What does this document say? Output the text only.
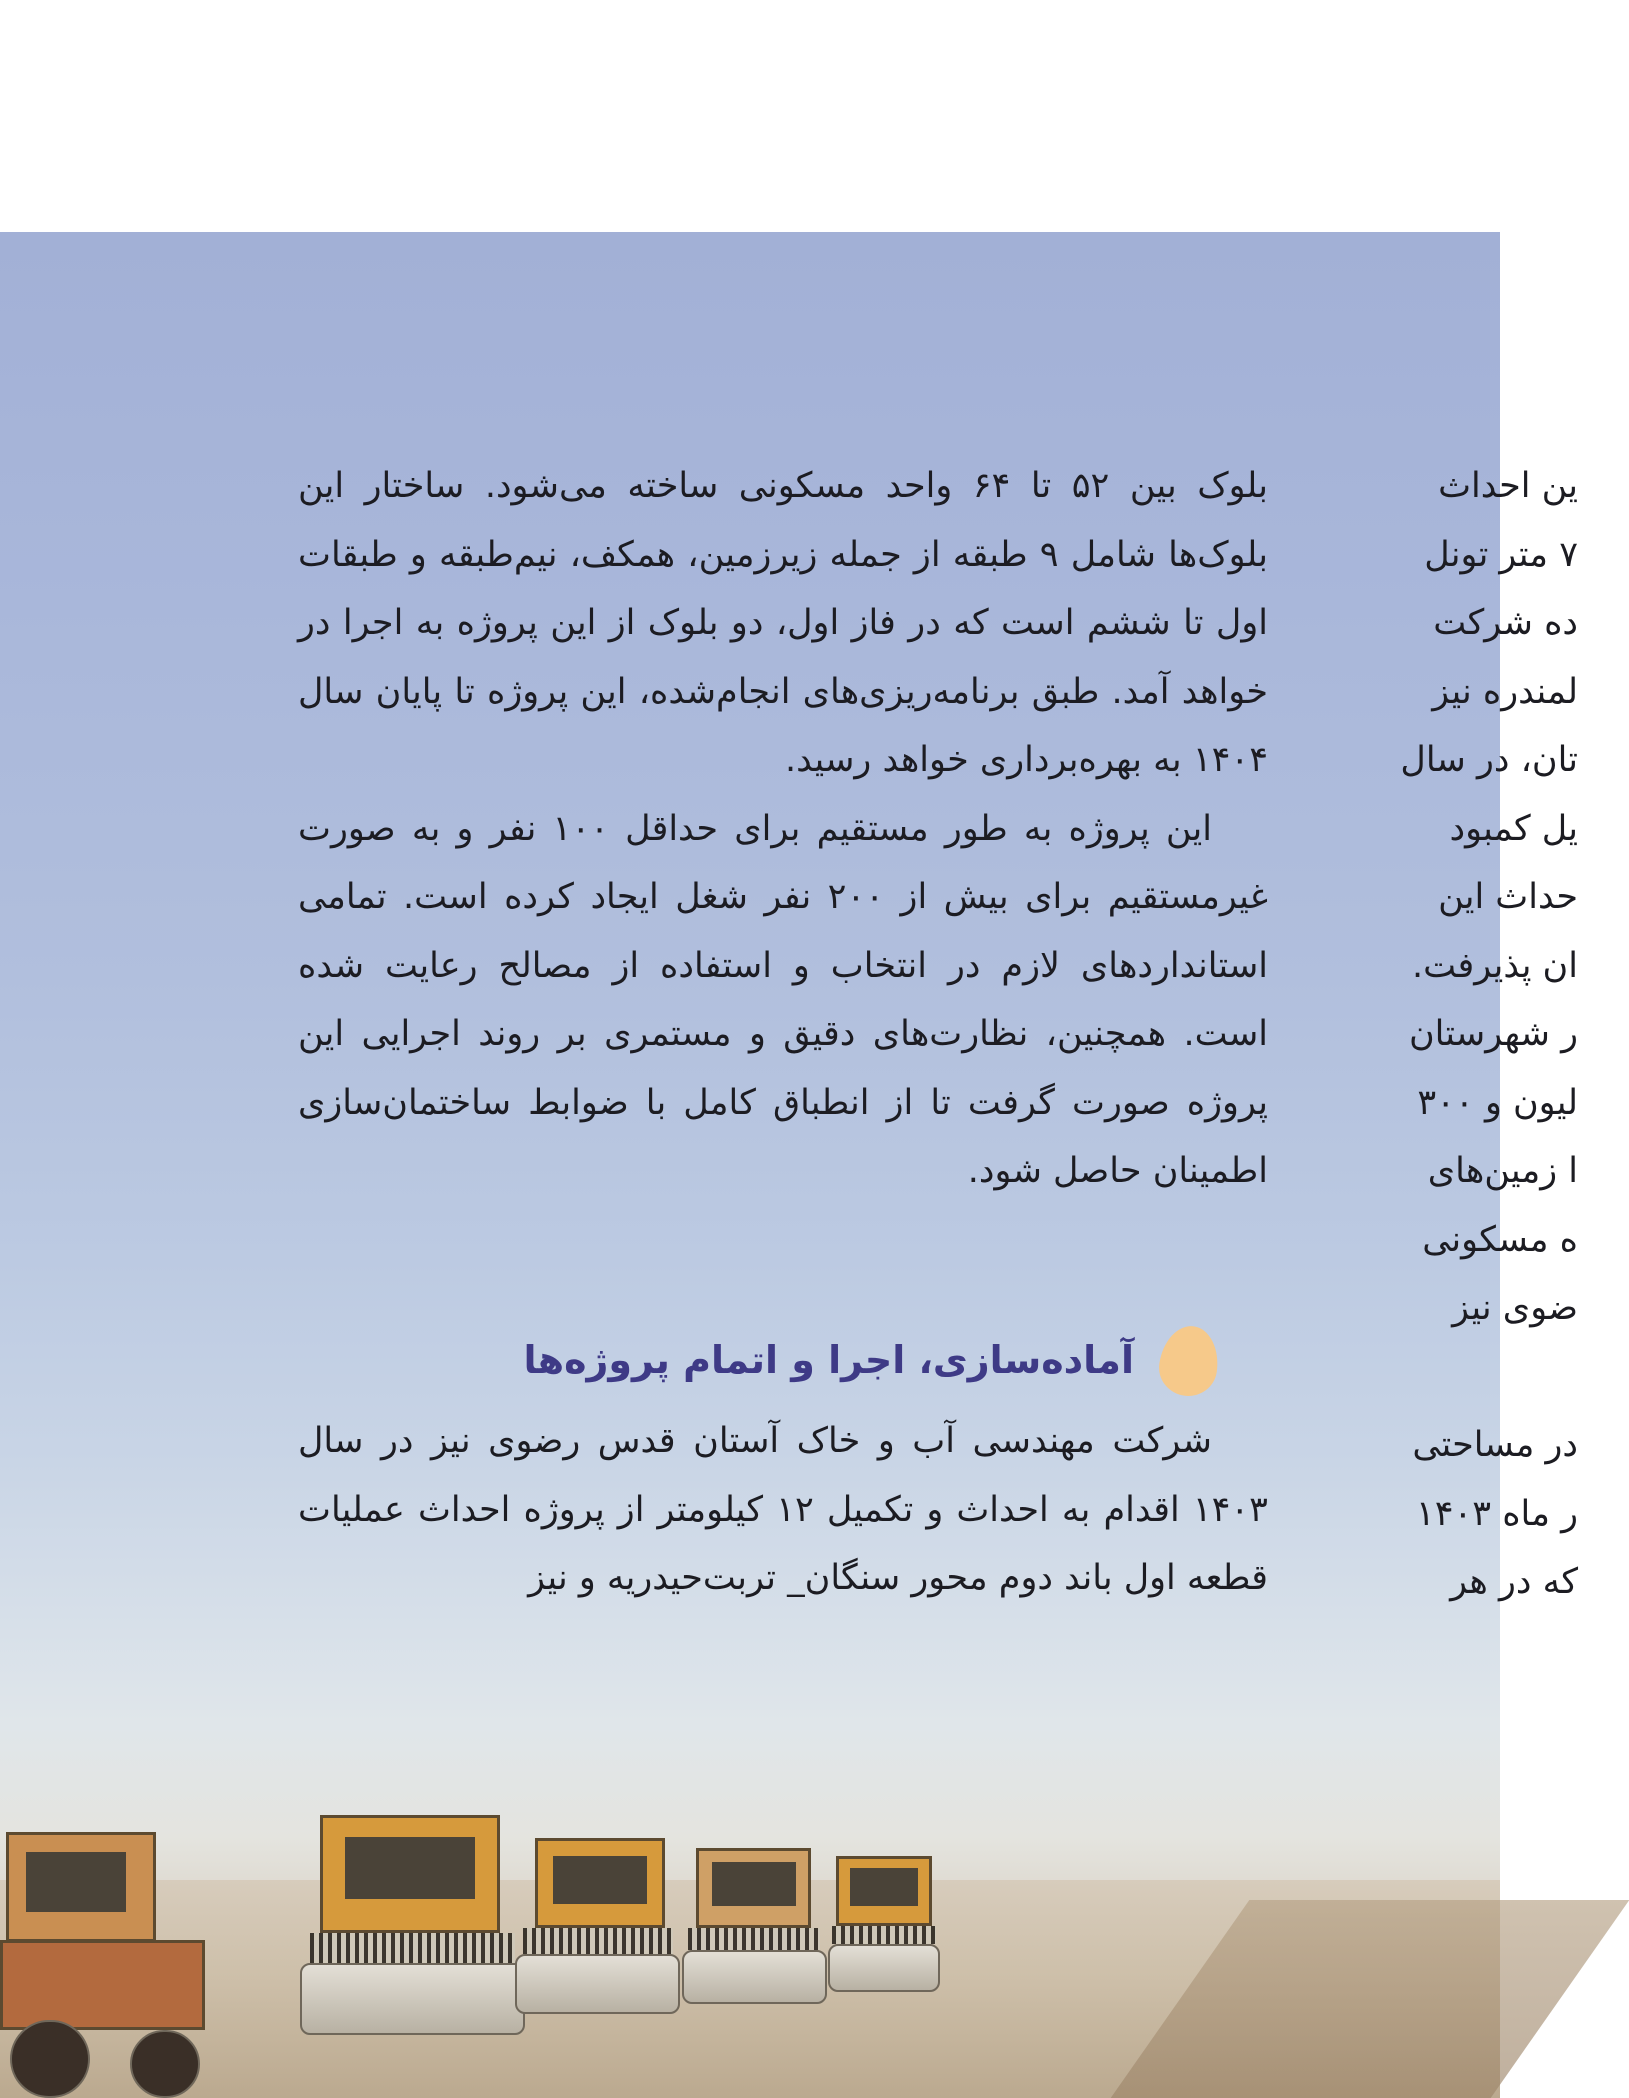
بلوک بین ۵۲ تا ۶۴ واحد مسکونی ساخته می‌شود. ساختار این بلوک‌ها شامل ۹ طبقه از جمله زیرزمین، همکف، نیم‌طبقه و طبقات اول تا ششم است که در فاز اول، دو بلوک از این پروژه به اجرا در خواهد آمد. طبق برنامه‌ریزی‌های انجام‌شده، این پروژه تا پایان سال ۱۴۰۴ به بهره‌برداری خواهد رسید.

این پروژه به طور مستقیم برای حداقل ۱۰۰ نفر و به صورت غیرمستقیم برای بیش از ۲۰۰ نفر شغل ایجاد کرده است. تمامی استانداردهای لازم در انتخاب و استفاده از مصالح رعایت شده است. همچنین، نظارت‌های دقیق و مستمری بر روند اجرایی این پروژه صورت گرفت تا از انطباق کامل با ضوابط ساختمان‌سازی اطمینان حاصل شود.

آماده‌سازی، اجرا و اتمام پروژه‌ها

شرکت مهندسی آب و خاک آستان قدس رضوی نیز در سال ۱۴۰۳ اقدام به احداث و تکمیل ۱۲ کیلومتر از پروژه احداث عملیات قطعه اول باند دوم محور سنگان_ تربت‌حیدریه و نیز

ین احداث
۷ متر تونل
ده شرکت
لمندره نیز
تان، در سال
یل کمبود
حداث این
ان پذیرفت.
ر شهرستان
لیون و ۳۰۰
ا زمین‌های
ه مسکونی
ضوی نیز
در مساحتی
ر ماه ۱۴۰۳
که در هر
